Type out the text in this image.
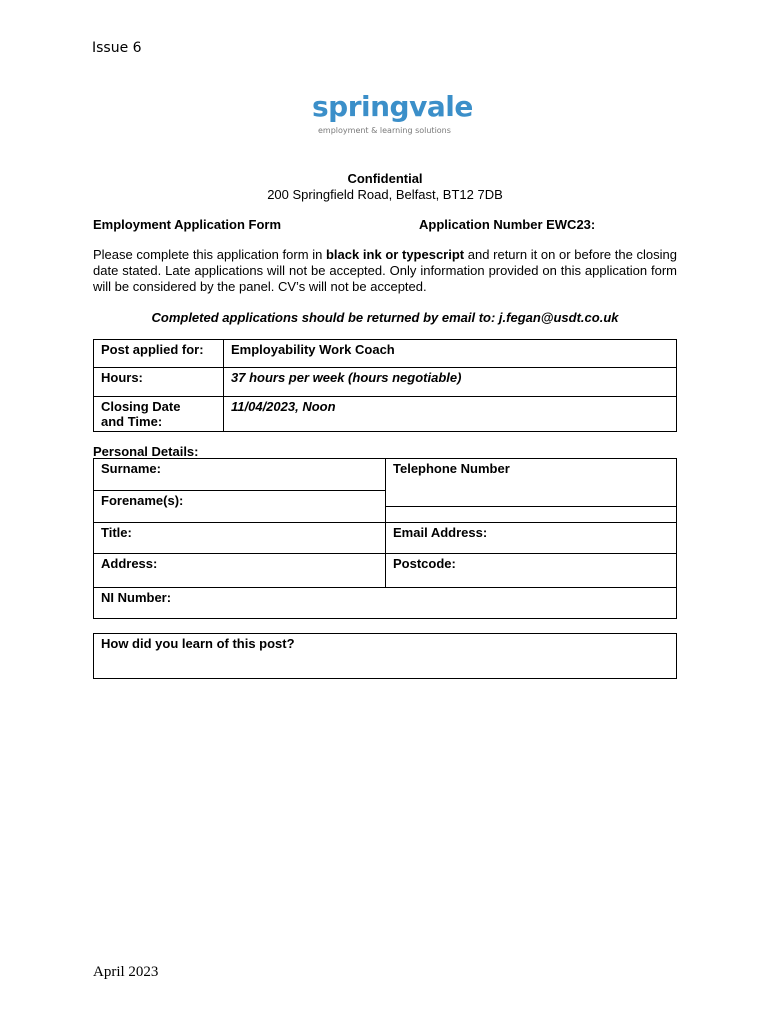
Issue 6
springvale
employment & learning solutions
Confidential
200 Springfield Road, Belfast, BT12 7DB
Employment Application Form	Application Number EWC23:
Please complete this application form in black ink or typescript and return it on or before the closing date stated. Late applications will not be accepted. Only information provided on this application form will be considered by the panel. CV’s will not be accepted.
Completed applications should be returned by email to: j.fegan@usdt.co.uk
Post applied for:	Employability Work Coach
Hours:	37 hours per week (hours negotiable)
Closing Date
and Time:	11/04/2023, Noon
Personal Details:
Surname:	Telephone Number
Forename(s):	

Title:	Email Address:
Address:	Postcode:
NI Number:	
How did you learn of this post?
April 2023
